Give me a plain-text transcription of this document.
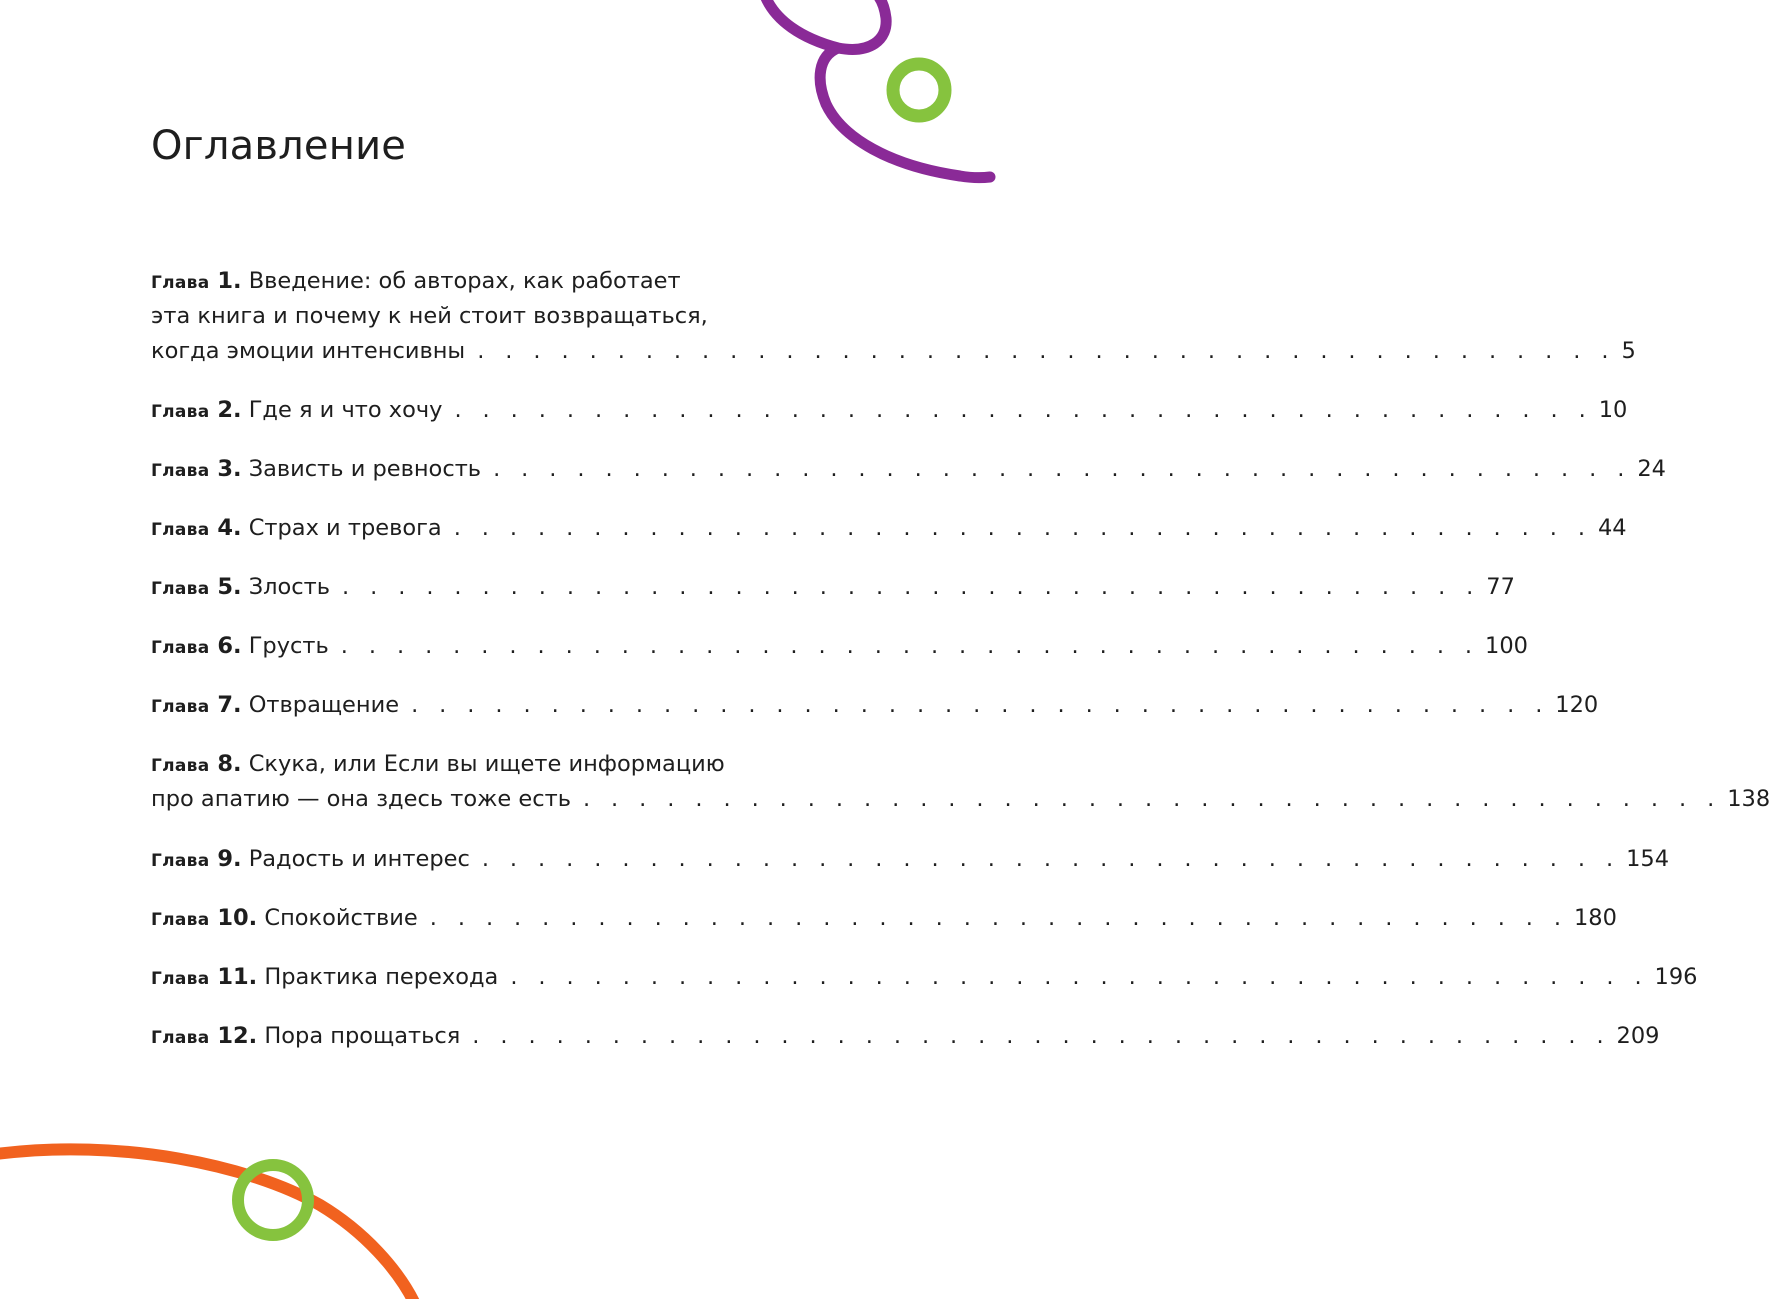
Оглавление
Глава 1. Введение: об авторах, как работает
эта книга и почему к ней стоит возвращаться,
когда эмоции интенсивны . . . . . . . . . . . . . . . . . . . . . . . . . . . . . . . . . . . . . . . . . 5
Глава 2. Где я и что хочу . . . . . . . . . . . . . . . . . . . . . . . . . . . . . . . . . . . . . . . . . 10
Глава 3. Зависть и ревность . . . . . . . . . . . . . . . . . . . . . . . . . . . . . . . . . . . . . . . . . 24
Глава 4. Страх и тревога . . . . . . . . . . . . . . . . . . . . . . . . . . . . . . . . . . . . . . . . . 44
Глава 5. Злость . . . . . . . . . . . . . . . . . . . . . . . . . . . . . . . . . . . . . . . . . 77
Глава 6. Грусть . . . . . . . . . . . . . . . . . . . . . . . . . . . . . . . . . . . . . . . . . 100
Глава 7. Отвращение . . . . . . . . . . . . . . . . . . . . . . . . . . . . . . . . . . . . . . . . . 120
Глава 8. Скука, или Если вы ищете информацию
про апатию — она здесь тоже есть . . . . . . . . . . . . . . . . . . . . . . . . . . . . . . . . . . . . . . . . . 138
Глава 9. Радость и интерес . . . . . . . . . . . . . . . . . . . . . . . . . . . . . . . . . . . . . . . . . 154
Глава 10. Спокойствие . . . . . . . . . . . . . . . . . . . . . . . . . . . . . . . . . . . . . . . . . 180
Глава 11. Практика перехода . . . . . . . . . . . . . . . . . . . . . . . . . . . . . . . . . . . . . . . . . 196
Глава 12. Пора прощаться . . . . . . . . . . . . . . . . . . . . . . . . . . . . . . . . . . . . . . . . . 209
